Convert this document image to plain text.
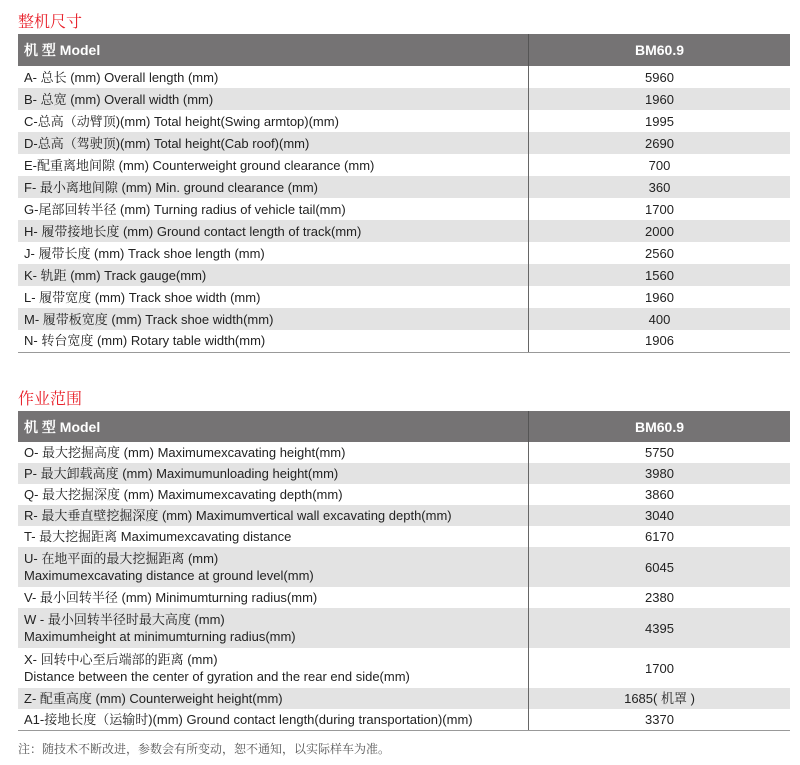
整机尺寸
机 型 Model	BM60.9

A- 总长 (mm) Overall length (mm)	5960

B- 总宽 (mm) Overall width (mm)	1960

C-总高（动臂顶)(mm) Total height(Swing armtop)(mm)	1995

D-总高（驾驶顶)(mm) Total height(Cab roof)(mm)	2690

E-配重离地间隙 (mm) Counterweight ground clearance (mm)	700

F- 最小离地间隙 (mm) Min. ground clearance (mm)	360

G-尾部回转半径 (mm) Turning radius of vehicle tail(mm)	1700

H- 履带接地长度 (mm) Ground contact length of track(mm)	2000

J- 履带长度 (mm) Track shoe length (mm)	2560

K- 轨距 (mm) Track gauge(mm)	1560

L- 履带宽度 (mm) Track shoe width (mm)	1960

M- 履带板宽度 (mm) Track shoe width(mm)	400

N- 转台宽度 (mm) Rotary table width(mm)	1906
作业范围
机 型 Model	BM60.9

O- 最大挖掘高度 (mm) Maximumexcavating height(mm)	5750

P- 最大卸载高度 (mm) Maximumunloading height(mm)	3980

Q- 最大挖掘深度 (mm) Maximumexcavating depth(mm)	3860

R- 最大垂直壁挖掘深度 (mm) Maximumvertical wall excavating depth(mm)	3040

T- 最大挖掘距离 Maximumexcavating distance	6170

U- 在地平面的最大挖掘距离 (mm)
Maximumexcavating distance at ground level(mm)	6045

V- 最小回转半径 (mm) Minimumturning radius(mm)	2380

W - 最小回转半径时最大高度 (mm)
Maximumheight at minimumturning radius(mm)	4395

X- 回转中心至后端部的距离 (mm)
Distance between the center of gyration and the rear end side(mm)	1700

Z- 配重高度 (mm) Counterweight height(mm)	1685( 机罩 )

A1-接地长度（运输时)(mm) Ground contact length(during transportation)(mm)	3370
注：随技术不断改进，参数会有所变动，恕不通知，以实际样车为准。
